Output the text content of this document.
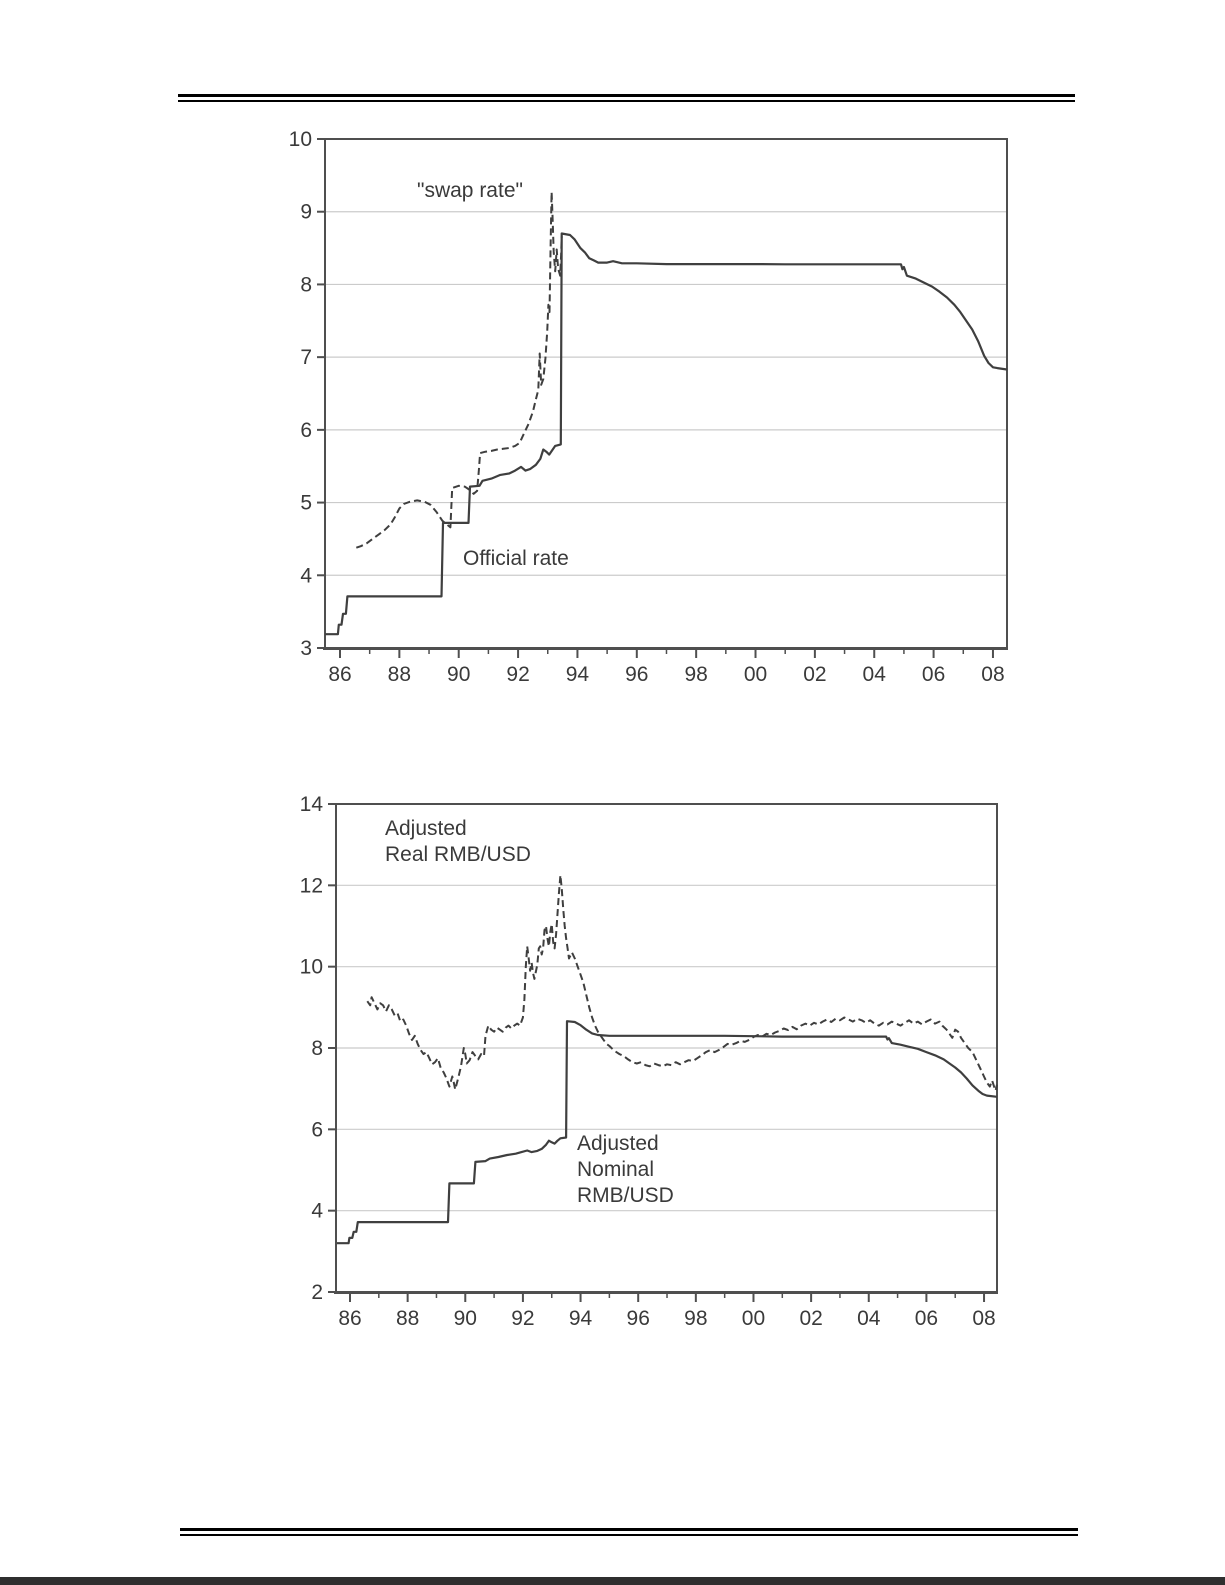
3
4
5
6
7
8
9
10
86 88 90 92 94 96 98 00 02 04 06 08
"swap rate"
Official rate
2
4
6
8
10
12
14
86 88 90 92 94 96 98 00 02 04 06 08
Adjusted Real RMB/USD
Adjusted Nominal RMB/USD
